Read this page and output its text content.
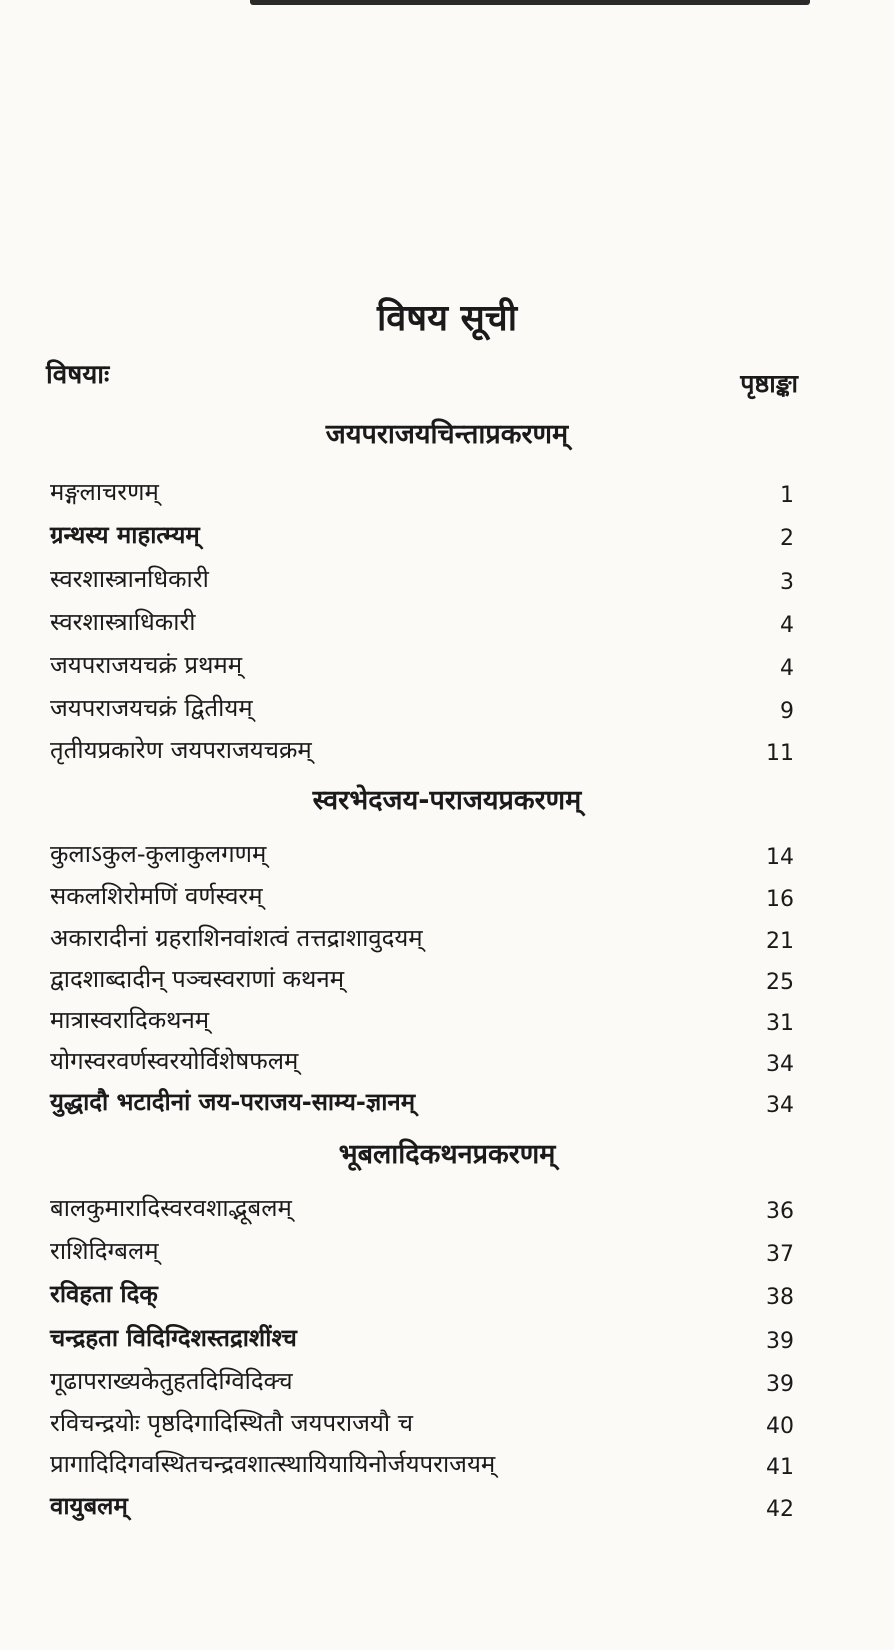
विषय सूची
विषयाः	पृष्ठाङ्का
जयपराजयचिन्ताप्रकरणम्
मङ्गलाचरणम्	1
ग्रन्थस्य माहात्म्यम्	2
स्वरशास्त्रानधिकारी	3
स्वरशास्त्राधिकारी	4
जयपराजयचक्रं प्रथमम्	4
जयपराजयचक्रं द्वितीयम्	9
तृतीयप्रकारेण जयपराजयचक्रम्	11
स्वरभेदजय-पराजयप्रकरणम्
कुलाऽकुल-कुलाकुलगणम्	14
सकलशिरोमणिं वर्णस्वरम्	16
अकारादीनां ग्रहराशिनवांशत्वं तत्तद्राशावुदयम्	21
द्वादशाब्दादीन् पञ्चस्वराणां कथनम्	25
मात्रास्वरादिकथनम्	31
योगस्वरवर्णस्वरयोर्विशेषफलम्	34
युद्धादौ भटादीनां जय-पराजय-साम्य-ज्ञानम्	34
भूबलादिकथनप्रकरणम्
बालकुमारादिस्वरवशाद्भूबलम्	36
राशिदिग्बलम्	37
रविहता दिक्	38
चन्द्रहता विदिग्दिशस्तद्राशींश्च	39
गूढापराख्यकेतुहतदिग्विदिक्च	39
रविचन्द्रयोः पृष्ठदिगादिस्थितौ जयपराजयौ च	40
प्रागादिदिगवस्थितचन्द्रवशात्स्थायियायिनोर्जयपराजयम्	41
वायुबलम्	42
